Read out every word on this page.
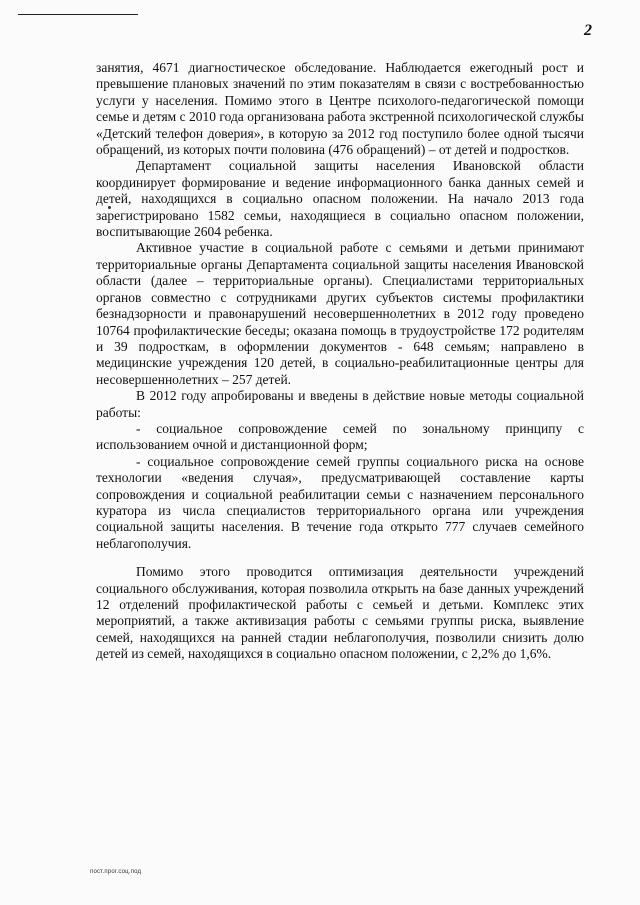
2

занятия, 4671 диагностическое обследование. Наблюдается ежегодный рост и превышение плановых значений по этим показателям в связи с востребованностью услуги у населения. Помимо этого в Центре психолого-педагогической помощи семье и детям с 2010 года организована работа экстренной психологической службы «Детский телефон доверия», в которую за 2012 год поступило более одной тысячи обращений, из которых почти половина (476 обращений) – от детей и подростков.

Департамент социальной защиты населения Ивановской области координирует формирование и ведение информационного банка данных семей и детей, находящихся в социально опасном положении. На начало 2013 года зарегистрировано 1582 семьи, находящиеся в социально опасном положении, воспитывающие 2604 ребенка.

Активное участие в социальной работе с семьями и детьми принимают территориальные органы Департамента социальной защиты населения Ивановской области (далее – территориальные органы). Специалистами территориальных органов совместно с сотрудниками других субъектов системы профилактики безнадзорности и правонарушений несовершеннолетних в 2012 году проведено 10764 профилактические беседы; оказана помощь в трудоустройстве 172 родителям и 39 подросткам, в оформлении документов - 648 семьям; направлено в медицинские учреждения 120 детей, в социально-реабилитационные центры для несовершеннолетних – 257 детей.

В 2012 году апробированы и введены в действие новые методы социальной работы:

- социальное сопровождение семей по зональному принципу с использованием очной и дистанционной форм;

- социальное сопровождение семей группы социального риска на основе технологии «ведения случая», предусматривающей составление карты сопровождения и социальной реабилитации семьи с назначением персонального куратора из числа специалистов территориального органа или учреждения социальной защиты населения. В течение года открыто 777 случаев семейного неблагополучия.

Помимо этого проводится оптимизация деятельности учреждений социального обслуживания, которая позволила открыть на базе данных учреждений 12 отделений профилактической работы с семьей и детьми. Комплекс этих мероприятий, а также активизация работы с семьями группы риска, выявление семей, находящихся на ранней стадии неблагополучия, позволили снизить долю детей из семей, находящихся в социально опасном положении, с 2,2% до 1,6%.

пост.прог.соц.под
